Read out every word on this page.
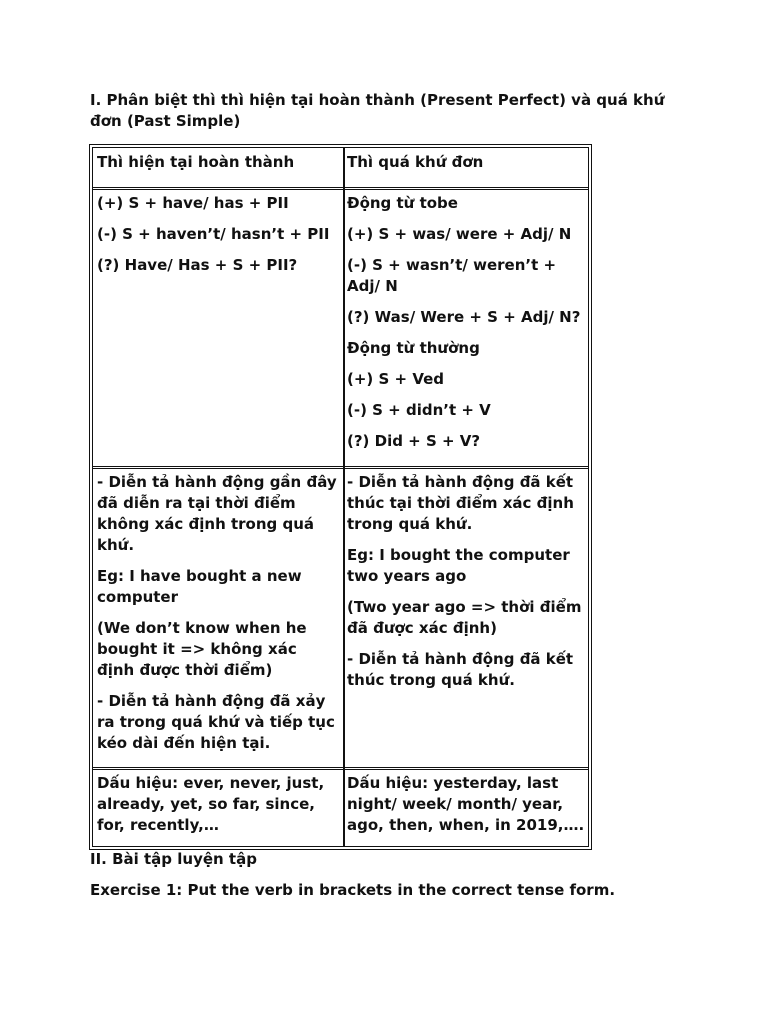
I. Phân biệt thì thì hiện tại hoàn thành (Present Perfect) và quá khứ
đơn (Past Simple)

Thì hiện tại hoàn thành	Thì quá khứ đơn

(+) S + have/ has + PII

(-) S + haven’t/ hasn’t + PII

(?) Have/ Has + S + PII?

Động từ tobe

(+) S + was/ were + Adj/ N

(-) S + wasn’t/ weren’t + Adj/ N

(?) Was/ Were + S + Adj/ N?

Động từ thường

(+) S + Ved

(-) S + didn’t + V

(?) Did + S + V?

- Diễn tả hành động gần đây đã diễn ra tại thời điểm không xác định trong quá khứ.

Eg: I have bought a new computer

(We don’t know when he bought it => không xác định được thời điểm)

- Diễn tả hành động đã xảy ra trong quá khứ và tiếp tục kéo dài đến hiện tại.

- Diễn tả hành động đã kết thúc tại thời điểm xác định trong quá khứ.

Eg: I bought the computer two years ago

(Two year ago => thời điểm đã được xác định)

- Diễn tả hành động đã kết thúc trong quá khứ.

Dấu hiệu: ever, never, just, already, yet, so far, since, for, recently,…

Dấu hiệu: yesterday, last night/ week/ month/ year, ago, then, when, in 2019,….

II. Bài tập luyện tập
Exercise 1: Put the verb in brackets in the correct tense form.
